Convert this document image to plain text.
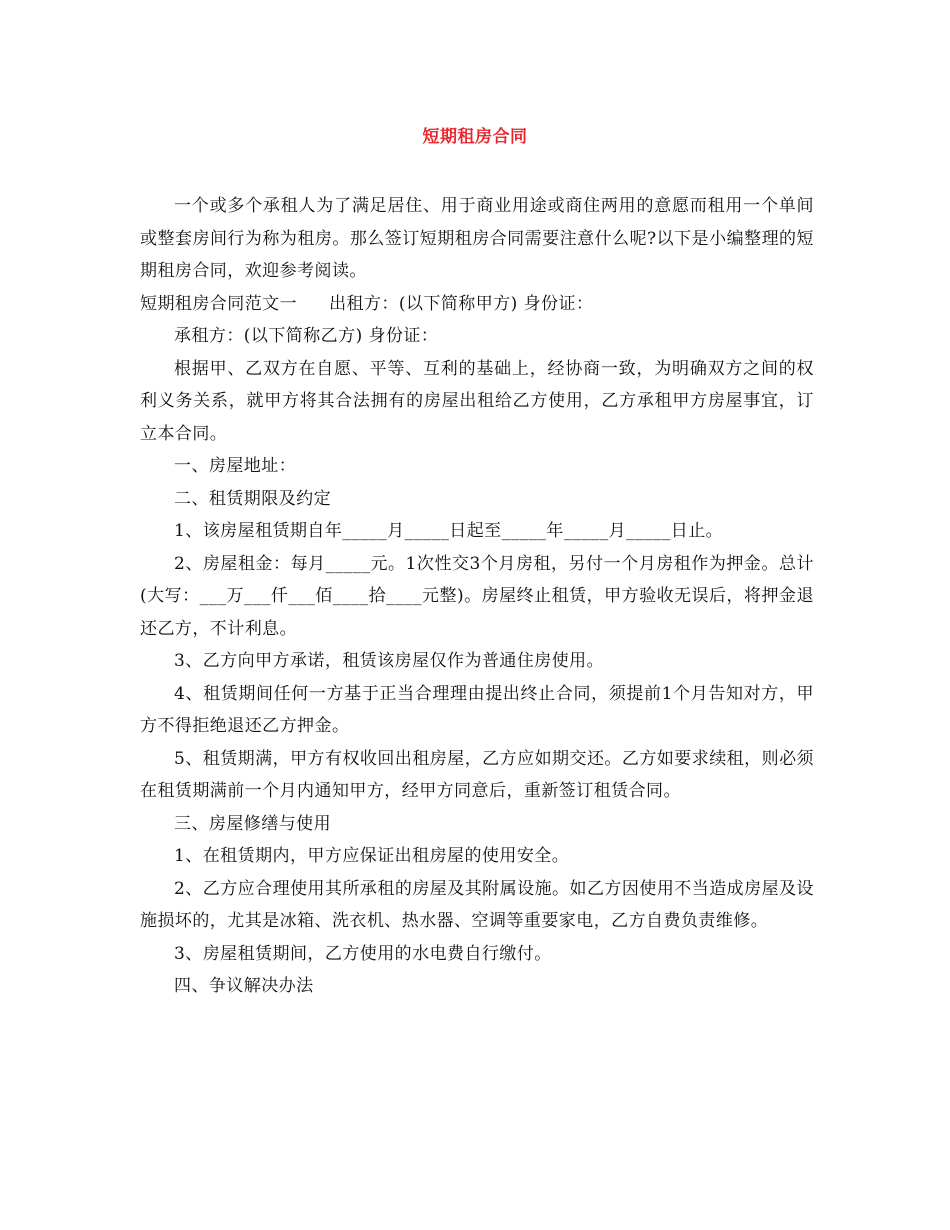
短期租房合同

一个或多个承租人为了满足居住、用于商业用途或商住两用的意愿而租用一个单间或整套房间行为称为租房。那么签订短期租房合同需要注意什么呢?以下是小编整理的短期租房合同，欢迎参考阅读。

短期租房合同范文一 出租方：(以下简称甲方) 身份证：

承租方：(以下简称乙方) 身份证：

根据甲、乙双方在自愿、平等、互利的基础上，经协商一致，为明确双方之间的权利义务关系，就甲方将其合法拥有的房屋出租给乙方使用，乙方承租甲方房屋事宜，订立本合同。

一、房屋地址：

二、租赁期限及约定

1、该房屋租赁期自年_____月_____日起至_____年_____月_____日止。

2、房屋租金：每月_____元。1次性交3个月房租，另付一个月房租作为押金。总计(大写：___万___仟___佰____拾____元整)。房屋终止租赁，甲方验收无误后，将押金退还乙方，不计利息。

3、乙方向甲方承诺，租赁该房屋仅作为普通住房使用。

4、租赁期间任何一方基于正当合理理由提出终止合同，须提前1个月告知对方，甲方不得拒绝退还乙方押金。

5、租赁期满，甲方有权收回出租房屋，乙方应如期交还。乙方如要求续租，则必须在租赁期满前一个月内通知甲方，经甲方同意后，重新签订租赁合同。

三、房屋修缮与使用

1、在租赁期内，甲方应保证出租房屋的使用安全。

2、乙方应合理使用其所承租的房屋及其附属设施。如乙方因使用不当造成房屋及设施损坏的，尤其是冰箱、洗衣机、热水器、空调等重要家电，乙方自费负责维修。

3、房屋租赁期间，乙方使用的水电费自行缴付。

四、争议解决办法
